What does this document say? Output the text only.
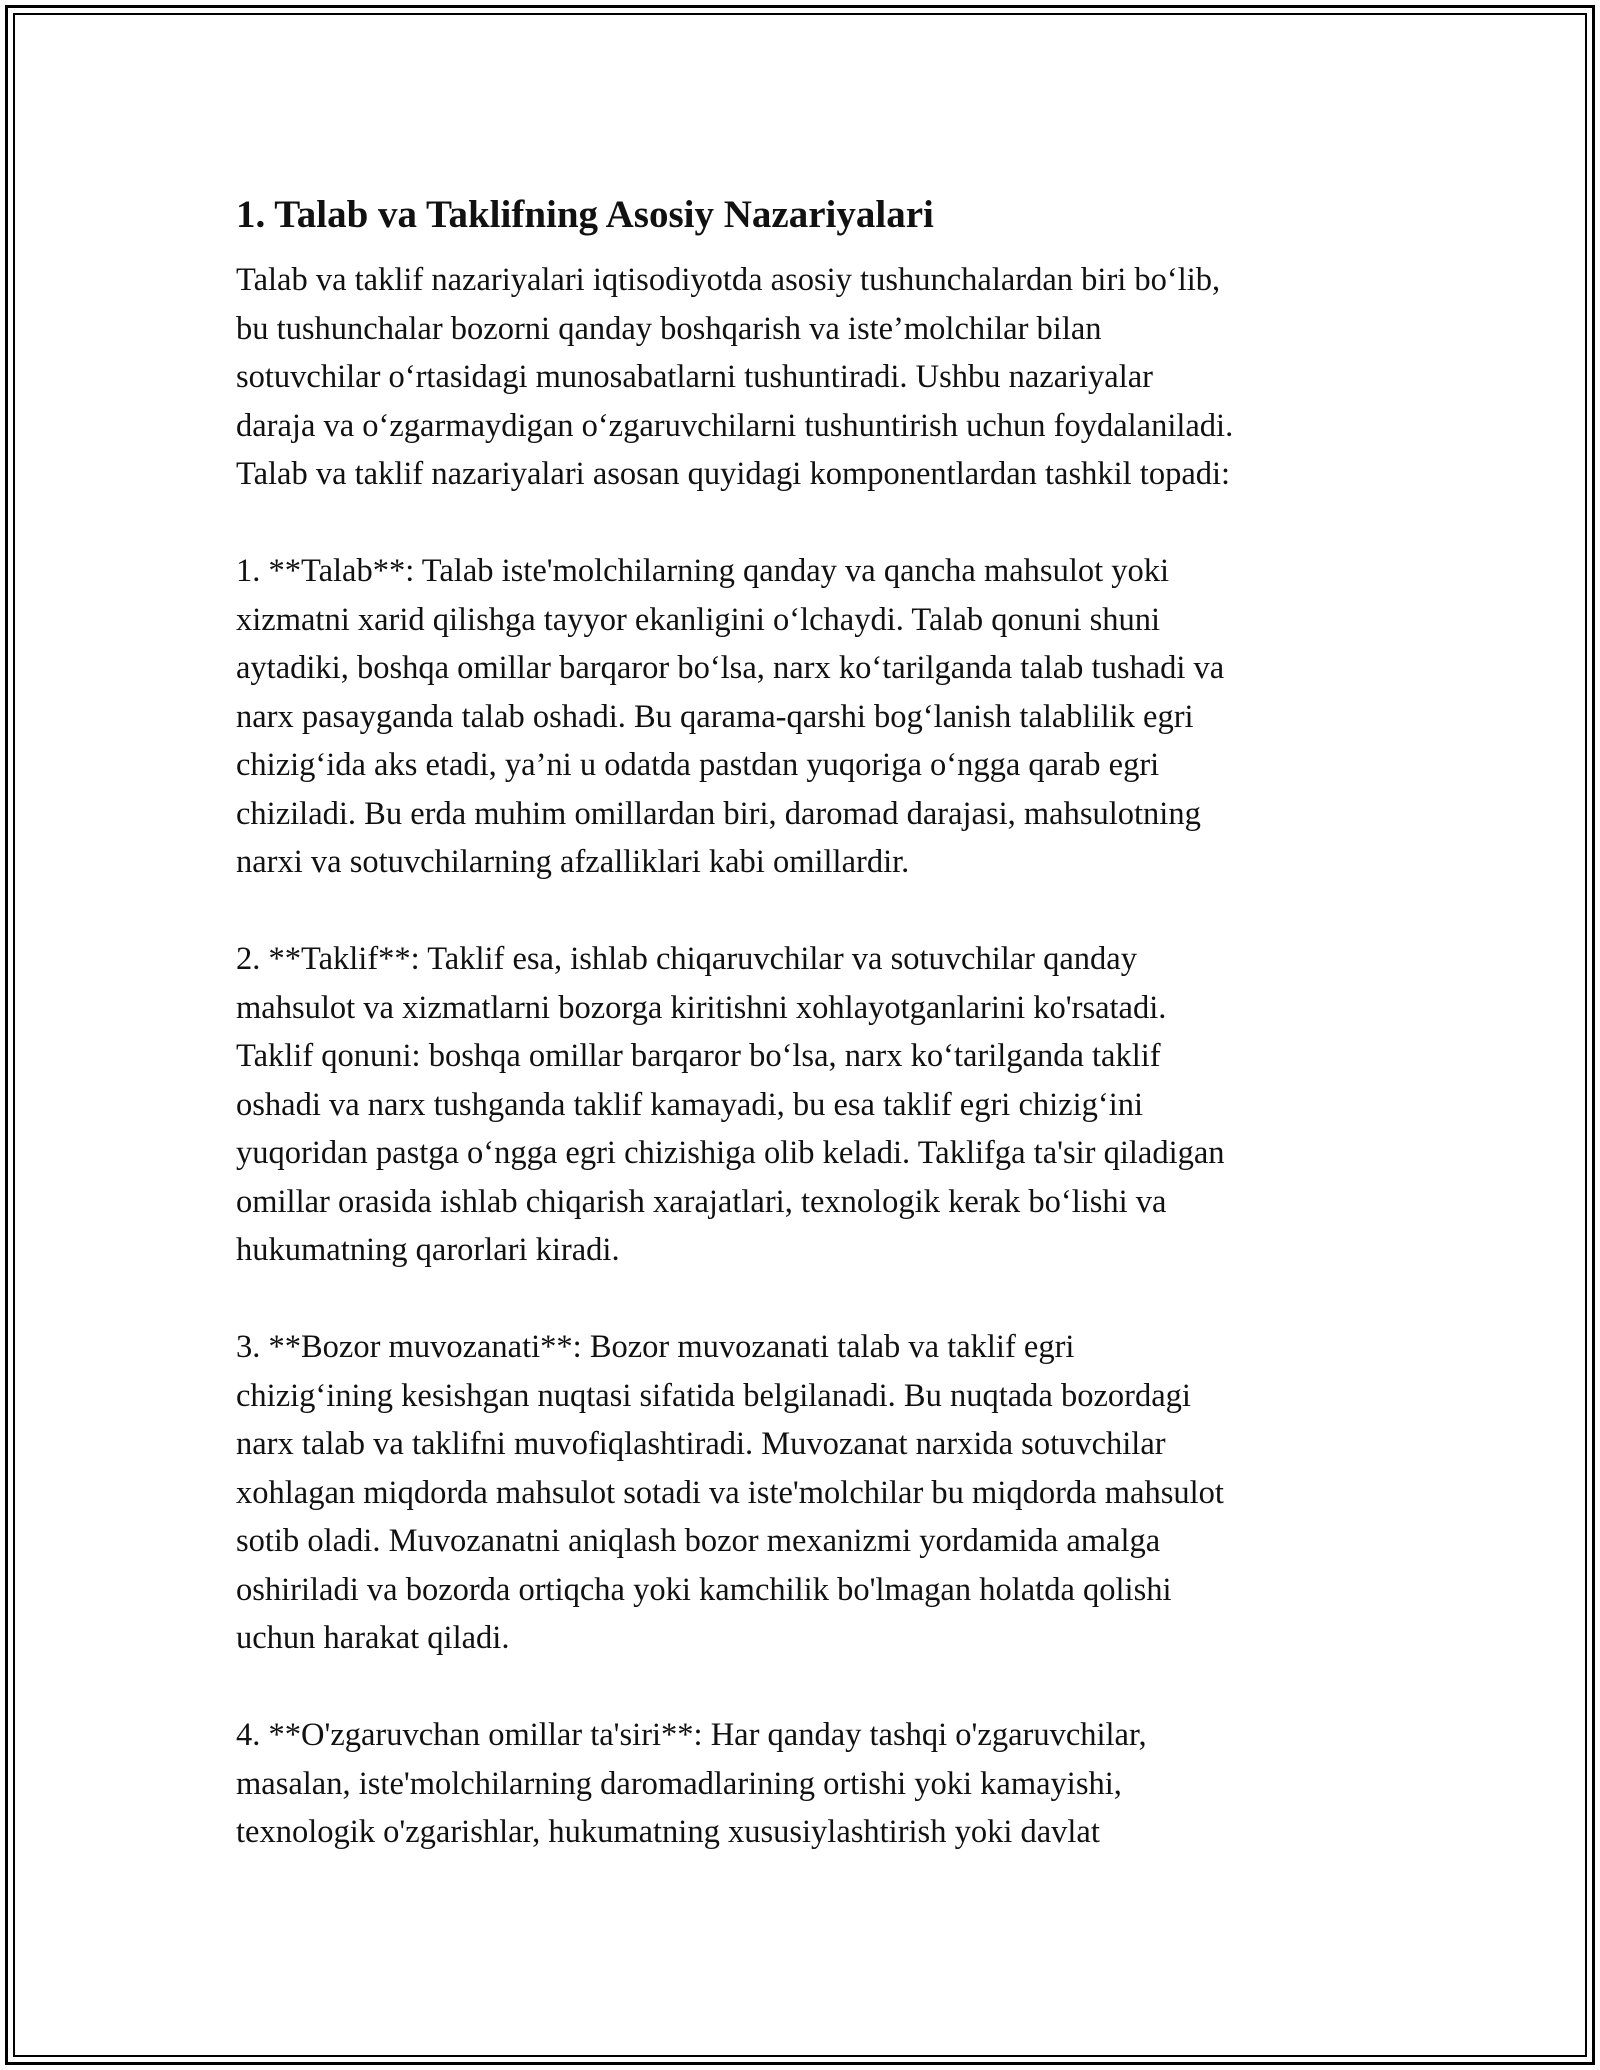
1. Talab va Taklifning Asosiy Nazariyalari
Talab va taklif nazariyalari iqtisodiyotda asosiy tushunchalardan biri bo‘lib,
bu tushunchalar bozorni qanday boshqarish va iste’molchilar bilan
sotuvchilar o‘rtasidagi munosabatlarni tushuntiradi. Ushbu nazariyalar
daraja va o‘zgarmaydigan o‘zgaruvchilarni tushuntirish uchun foydalaniladi.
Talab va taklif nazariyalari asosan quyidagi komponentlardan tashkil topadi:
1. **Talab**: Talab iste'molchilarning qanday va qancha mahsulot yoki
xizmatni xarid qilishga tayyor ekanligini o‘lchaydi. Talab qonuni shuni
aytadiki, boshqa omillar barqaror bo‘lsa, narx ko‘tarilganda talab tushadi va
narx pasayganda talab oshadi. Bu qarama-qarshi bog‘lanish talablilik egri
chizig‘ida aks etadi, ya’ni u odatda pastdan yuqoriga o‘ngga qarab egri
chiziladi. Bu erda muhim omillardan biri, daromad darajasi, mahsulotning
narxi va sotuvchilarning afzalliklari kabi omillardir.
2. **Taklif**: Taklif esa, ishlab chiqaruvchilar va sotuvchilar qanday
mahsulot va xizmatlarni bozorga kiritishni xohlayotganlarini ko'rsatadi.
Taklif qonuni: boshqa omillar barqaror bo‘lsa, narx ko‘tarilganda taklif
oshadi va narx tushganda taklif kamayadi, bu esa taklif egri chizig‘ini
yuqoridan pastga o‘ngga egri chizishiga olib keladi. Taklifga ta'sir qiladigan
omillar orasida ishlab chiqarish xarajatlari, texnologik kerak bo‘lishi va
hukumatning qarorlari kiradi.
3. **Bozor muvozanati**: Bozor muvozanati talab va taklif egri
chizig‘ining kesishgan nuqtasi sifatida belgilanadi. Bu nuqtada bozordagi
narx talab va taklifni muvofiqlashtiradi. Muvozanat narxida sotuvchilar
xohlagan miqdorda mahsulot sotadi va iste'molchilar bu miqdorda mahsulot
sotib oladi. Muvozanatni aniqlash bozor mexanizmi yordamida amalga
oshiriladi va bozorda ortiqcha yoki kamchilik bo'lmagan holatda qolishi
uchun harakat qiladi.
4. **O'zgaruvchan omillar ta'siri**: Har qanday tashqi o'zgaruvchilar,
masalan, iste'molchilarning daromadlarining ortishi yoki kamayishi,
texnologik o'zgarishlar, hukumatning xususiylashtirish yoki davlat
